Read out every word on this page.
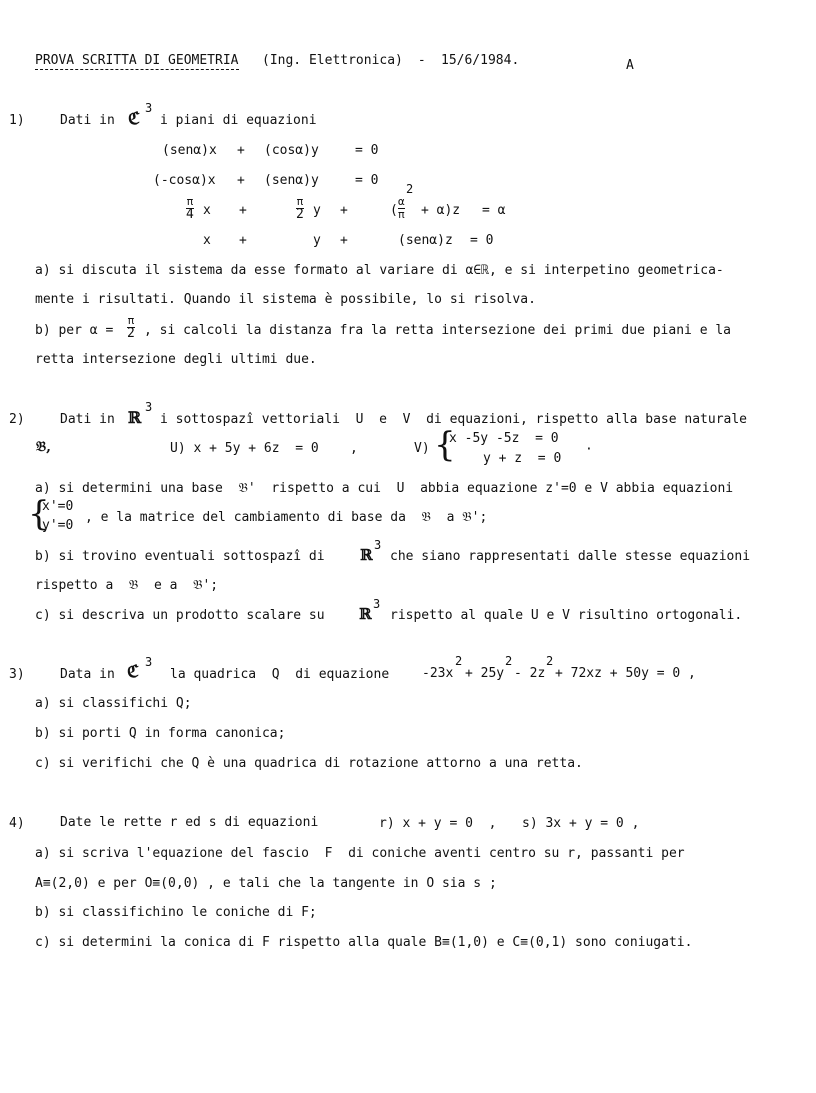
PROVA SCRITTA DI GEOMETRIA (Ing. Elettronica) - 15/6/1984.	A
1)	Dati in ℭ
3
i piani di equazioni
(senα)x + (cosα)y	= 0
(-cosα)x + (senα)y	= 0
π
4 x +
π
2 y +	(
α
π
2
+ α)z = α
x +	y +	(senα)z = 0
a) si discuta il sistema da esse formato al variare di α∈ℝ, e si interpetino geometrica-
mente i risultati. Quando il sistema è possibile, lo si risolva.
b) per α =
π
2 , si calcoli la distanza fra la retta intersezione dei primi due piani e la
retta intersezione degli ultimi due.
2)	Dati in ℝ
3
i sottospazî vettoriali  U  e  V  di equazioni, rispetto alla base naturale
𝔅,	U) x + 5y + 6z  = 0    ,	V) {
x -5y -5z  = 0
y + z  = 0
·
a) si determini una base  𝔅'  rispetto a cui  U  abbia equazione z'=0 e V abbia equazioni
{
x'=0
y'=0
, e la matrice del cambiamento di base da  𝔅  a 𝔅';
b) si trovino eventuali sottospazî di ℝ
3
che siano rappresentati dalle stesse equazioni
rispetto a  𝔅  e a  𝔅';
c) si descriva un prodotto scalare su ℝ
3
rispetto al quale U e V risultino ortogonali.
3)	Data in ℭ 3
la quadrica  Q  di equazione	-23x
2
+ 25y
2
- 2z
2
+ 72xz + 50y = 0 ,
a) si classifichi Q;
b) si porti Q in forma canonica;
c) si verifichi che Q è una quadrica di rotazione attorno a una retta.
4)	Date le rette r ed s di equazioni	r) x + y = 0  , s) 3x + y = 0 ,
a) si scriva l'equazione del fascio  F  di coniche aventi centro su r, passanti per
A≡(2,0) e per O≡(0,0) , e tali che la tangente in O sia s ;
b) si classifichino le coniche di F;
c) si determini la conica di F rispetto alla quale B≡(1,0) e C≡(0,1) sono coniugati.
